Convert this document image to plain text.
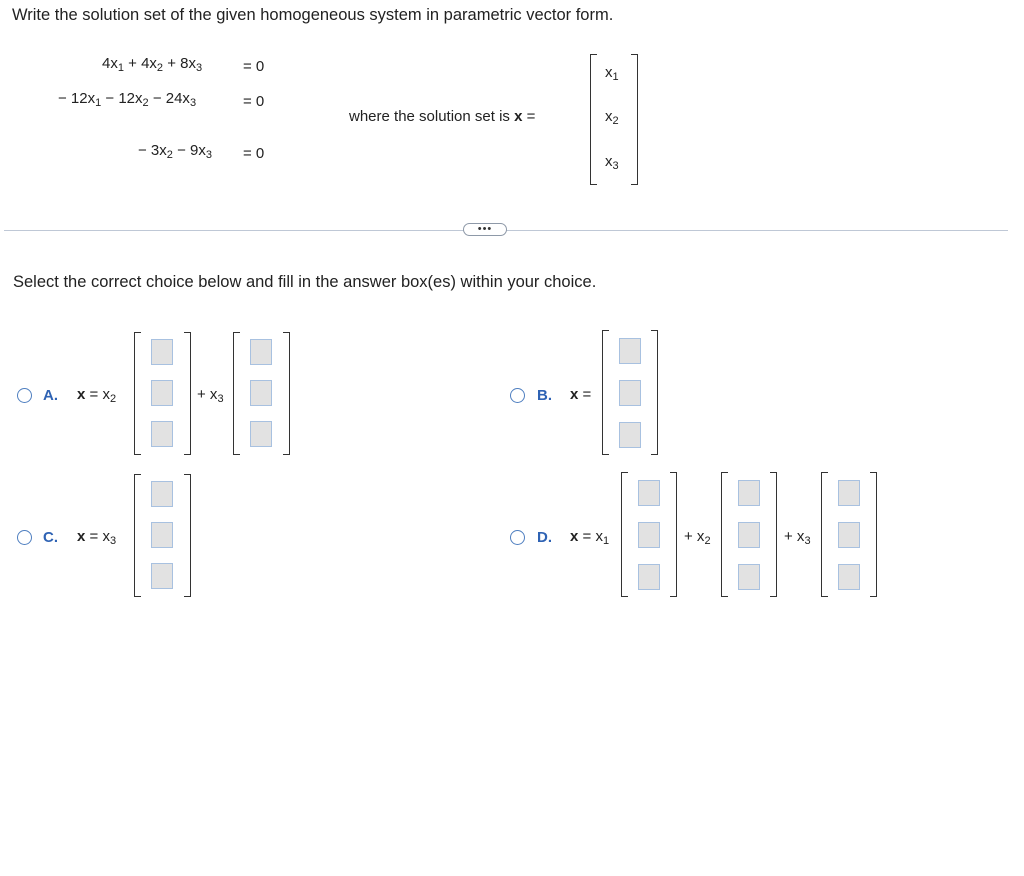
Write the solution set of the given homogeneous system in parametric vector form.
$4x_1 + 4x_2 + 8x_3$	= 0
− $12x_1 - 12x_2 - 24x_3$	= 0
− $3x_2 - 9x_3 = 0$
where the solution set is x =
$x_1$
$x_2$
$x_3$
•••
Select the correct choice below and fill in the answer box(es) within your choice.
A. $x = x_2$	+ $x_3$	B. x =
C. $x = x_3$	D. $x = x_1$	+ $x_2$	+ $x_3$
